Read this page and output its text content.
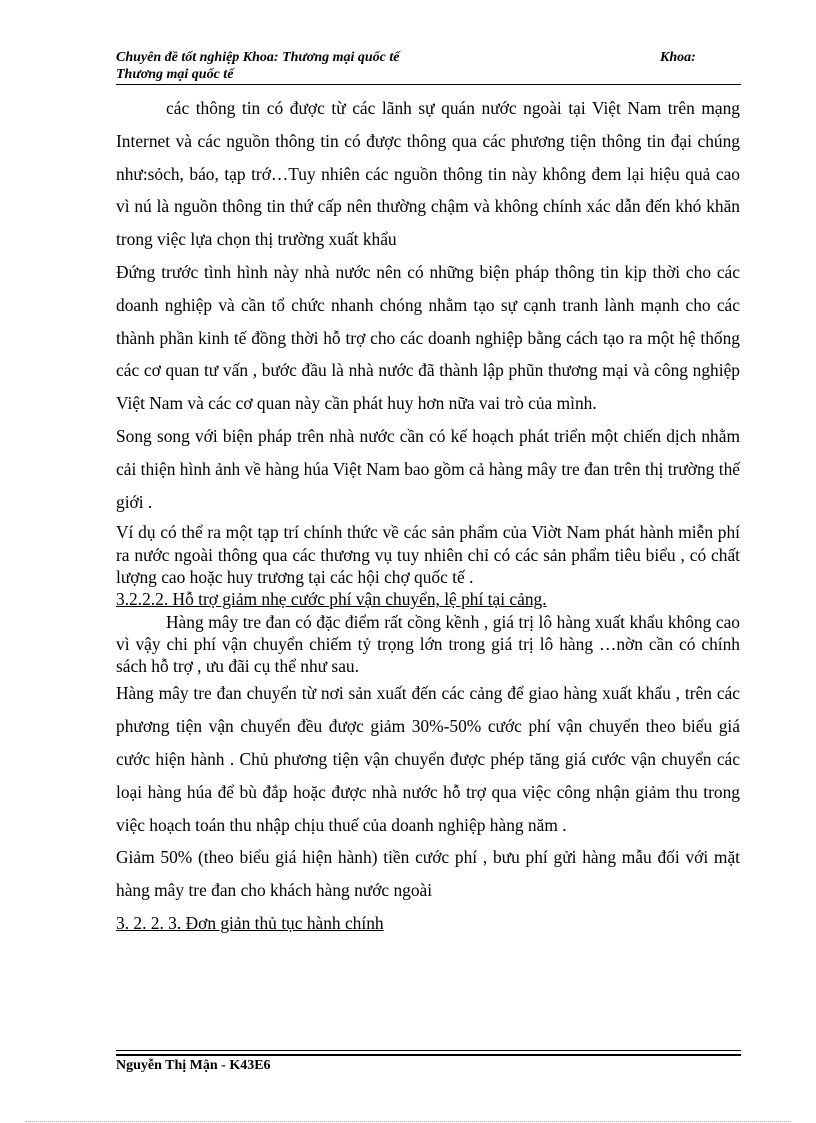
Chuyên đề tốt nghiệp Khoa: Thương mại quốc tế	Khoa:
Thương mại quốc tế

các thông tin có được từ các lãnh sự quán nước ngoài tại Việt Nam trên mạng Internet và các nguồn thông tin có được thông qua các phương tiện thông tin đại chúng như:sỏch, báo, tạp trớ…Tuy nhiên các nguồn thông tin này không đem lại hiệu quả cao vì nú là nguồn thông tin thứ cấp nên thường chậm và không chính xác dẫn đến khó khăn trong việc lựa chọn thị trường xuất khẩu

Đứng trước tình hình này nhà nước nên có những biện pháp thông tin kịp thời cho các doanh nghiệp và cần tổ chức nhanh chóng nhằm tạo sự cạnh tranh lành mạnh cho các thành phần kinh tế đồng thời hỗ trợ cho các doanh nghiệp bằng cách tạo ra một hệ thống các cơ quan tư vấn , bước đầu là nhà nước đã thành lập phũn thương mại và công nghiệp Việt Nam và các cơ quan này cần phát huy hơn nữa vai trò của mình.

Song song với biện pháp trên nhà nước cần có kế hoạch phát triển một chiến dịch nhằm cải thiện hình ảnh về hàng húa Việt Nam bao gồm cả hàng mây tre đan trên thị trường thế giới .

Ví dụ có thể ra một tạp trí chính thức về các sản phẩm của Viờt Nam phát hành miễn phí ra nước ngoài thông qua các thương vụ tuy nhiên chỉ có các sản phẩm tiêu biểu , có chất lượng cao hoặc huy trương tại các hội chợ quốc tế .

3.2.2.2. Hỗ trợ giảm nhẹ cước phí vận chuyển, lệ phí tại cảng.

Hàng mây tre đan có đặc điểm rất cồng kềnh , giá trị lô hàng xuất khẩu không cao vì vậy chi phí vận chuyển chiếm tỷ trọng lớn trong giá trị lô hàng …nờn cần có chính sách hỗ trợ , ưu đãi cụ thể như sau.

Hàng mây tre đan chuyển từ nơi sản xuất đến các cảng để giao hàng xuất khẩu , trên các phương tiện vận chuyển đều được giảm 30%-50% cước phí vận chuyển theo biểu giá cước hiện hành . Chủ phương tiện vận chuyển được phép tăng giá cước vận chuyển các loại hàng húa để bù đắp hoặc được nhà nước hỗ trợ qua việc công nhận giảm thu trong việc hoạch toán thu nhập chịu thuế của doanh nghiệp hàng năm .

Giảm 50% (theo biểu giá hiện hành) tiền cước phí , bưu phí gửi hàng mẫu đối với mặt hàng mây tre đan cho khách hàng nước ngoài

3. 2. 2. 3. Đơn giản thủ tục hành chính

Nguyễn Thị Mận - K43E6
